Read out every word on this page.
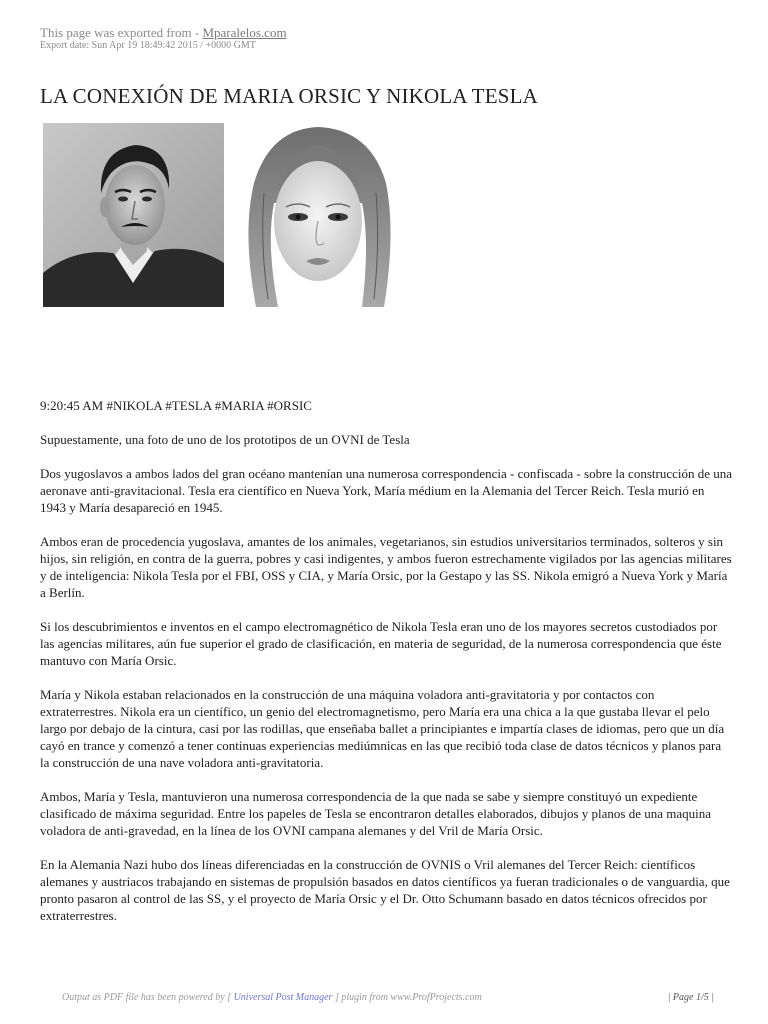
This page was exported from - Mparalelos.com
Export date: Sun Apr 19 18:49:42 2015 / +0000 GMT
LA CONEXIÓN DE MARIA ORSIC Y NIKOLA TESLA

9:20:45 AM #NIKOLA #TESLA #MARIA #ORSIC

Supuestamente, una foto de uno de los prototipos de un OVNI de Tesla

Dos yugoslavos a ambos lados del gran océano mantenían una numerosa correspondencia - confiscada - sobre la construcción de una aeronave anti-gravitacional. Tesla era científico en Nueva York, María médium en la Alemania del Tercer Reich. Tesla murió en 1943 y María desapareció en 1945.

Ambos eran de procedencia yugoslava, amantes de los animales, vegetarianos, sin estudios universitarios terminados, solteros y sin hijos, sin religión, en contra de la guerra, pobres y casi indigentes, y ambos fueron estrechamente vigilados por las agencias militares y de inteligencia: Nikola Tesla por el FBI, OSS y CIA, y María Orsic, por la Gestapo y las SS. Nikola emigró a Nueva York y María a Berlín.

Si los descubrimientos e inventos en el campo electromagnético de Nikola Tesla eran uno de los mayores secretos custodiados por las agencias militares, aún fue superior el grado de clasificación, en materia de seguridad, de la numerosa correspondencia que éste mantuvo con María Orsic.

María y Nikola estaban relacionados en la construcción de una máquina voladora anti-gravitatoria y por contactos con extraterrestres. Nikola era un científico, un genio del electromagnetismo, pero María era una chica a la que gustaba llevar el pelo largo por debajo de la cintura, casi por las rodillas, que enseñaba ballet a principiantes e impartía clases de idiomas, pero que un día cayó en trance y comenzó a tener continuas experiencias mediúmnicas en las que recibió toda clase de datos técnicos y planos para la construcción de una nave voladora anti-gravitatoria.

Ambos, María y Tesla, mantuvieron una numerosa correspondencia de la que nada se sabe y siempre constituyó un expediente clasificado de máxima seguridad. Entre los papeles de Tesla se encontraron detalles elaborados, dibujos y planos de una maquina voladora de anti-gravedad, en la línea de los OVNI campana alemanes y del Vril de María Orsic.

En la Alemania Nazi hubo dos líneas diferenciadas en la construcción de OVNIS o Vril alemanes del Tercer Reich: científicos alemanes y austriacos trabajando en sistemas de propulsión basados en datos científicos ya fueran tradicionales o de vanguardia, que pronto pasaron al control de las SS, y el proyecto de María Orsic y el Dr. Otto Schumann basado en datos técnicos ofrecidos por extraterrestres.

Output as PDF file has been powered by [ Universal Post Manager ] plugin from www.ProfProjects.com	| Page 1/5 |
